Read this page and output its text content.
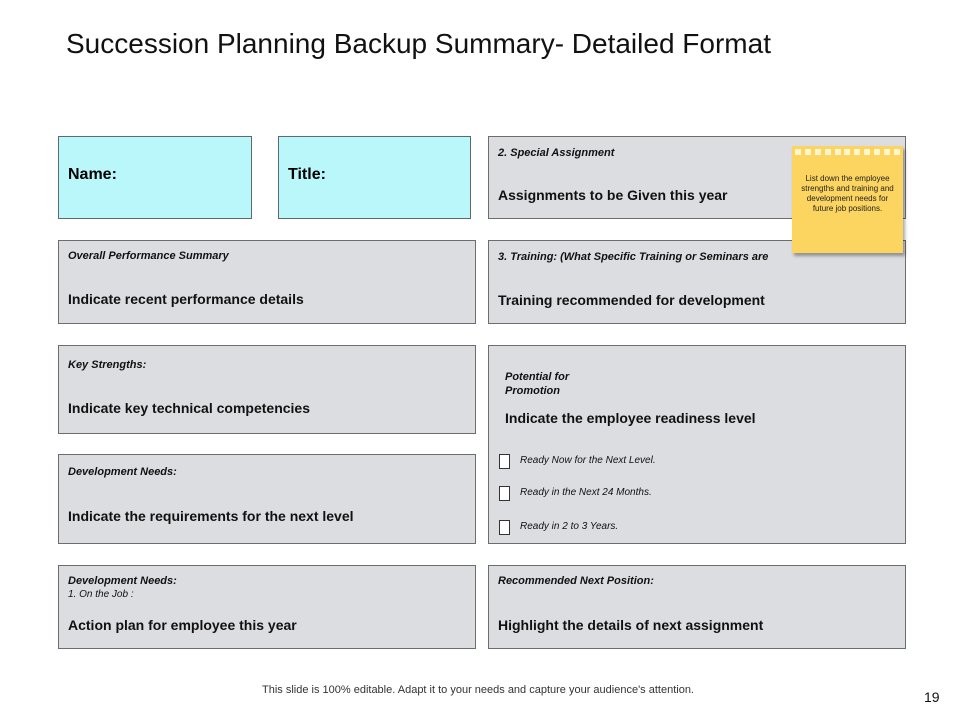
Succession Planning Backup Summary- Detailed Format
Name:	Title:
2. Special Assignment
Assignments to be Given this year
Overall Performance Summary
Indicate recent performance details
3. Training: (What Specific Training or Seminars are
Training recommended for development
Key Strengths:
Indicate key technical competencies
Potential for
Promotion
Indicate the employee readiness level
Ready Now for the Next Level.
Ready in the Next 24 Months.
Ready in 2 to 3 Years.
Development Needs:
Indicate the requirements for the next level
Development Needs:
1. On the Job :
Action plan for employee this year
Recommended Next Position:
Highlight the details of next assignment
List down the employee strengths and training and development needs for future job positions.
This slide is 100% editable. Adapt it to your needs and capture your audience's attention.	19
